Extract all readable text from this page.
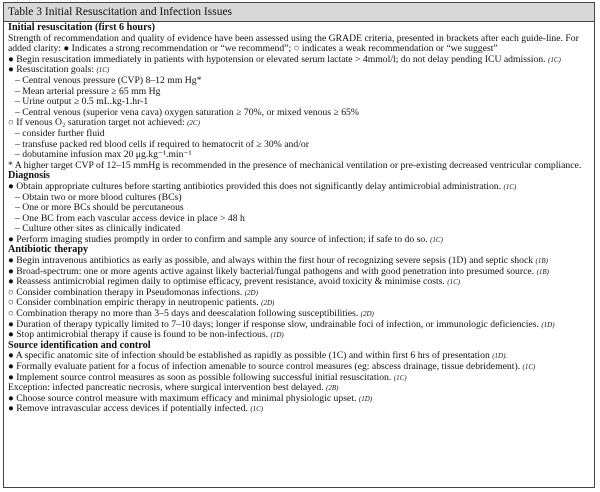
Table 3 Initial Resuscitation and Infection Issues
Initial resuscitation (first 6 hours)
Strength of recommendation and quality of evidence have been assessed using the GRADE criteria, presented in brackets after each guide-line. For added clarity: ● Indicates a strong recommendation or “we recommend”; ○ indicates a weak recommendation or “we suggest”
● Begin resuscitation immediately in patients with hypotension or elevated serum lactate > 4mmol/l; do not delay pending ICU admission. (1C)
● Resuscitation goals: (1C)
– Central venous pressure (CVP) 8–12 mm Hg*
– Mean arterial pressure ≥ 65 mm Hg
– Urine output ≥ 0.5 mL.kg-1.hr-1
– Central venous (superior vena cava) oxygen saturation ≥ 70%, or mixed venous ≥ 65%
○ If venous O₂ saturation target not achieved: (2C)
– consider further fluid
– transfuse packed red blood cells if required to hematocrit of ≥ 30% and/or
– dobutamine infusion max 20 μg.kg⁻¹.min⁻¹
* A higher target CVP of 12–15 mmHg is recommended in the presence of mechanical ventilation or pre-existing decreased ventricular compliance.
Diagnosis
● Obtain appropriate cultures before starting antibiotics provided this does not significantly delay antimicrobial administration. (1C)
– Obtain two or more blood cultures (BCs)
– One or more BCs should be percutaneous
– One BC from each vascular access device in place > 48 h
– Culture other sites as clinically indicated
● Perform imaging studies promptly in order to confirm and sample any source of infection; if safe to do so. (1C)
Antibiotic therapy
● Begin intravenous antibiotics as early as possible, and always within the first hour of recognizing severe sepsis (1D) and septic shock (1B)
● Broad-spectrum: one or more agents active against likely bacterial/fungal pathogens and with good penetration into presumed source. (1B)
● Reassess antimicrobial regimen daily to optimise efficacy, prevent resistance, avoid toxicity & minimise costs. (1C)
○ Consider combination therapy in Pseudomonas infections. (2D)
○ Consider combination empiric therapy in neutropenic patients. (2D)
○ Combination therapy no more than 3–5 days and deescalation following susceptibilities. (2D)
● Duration of therapy typically limited to 7–10 days; longer if response slow, undrainable foci of infection, or immunologic deficiencies. (1D)
● Stop antimicrobial therapy if cause is found to be non-infectious. (1D)
Source identification and control
● A specific anatomic site of infection should be established as rapidly as possible (1C) and within first 6 hrs of presentation (1D).
● Formally evaluate patient for a focus of infection amenable to source control measures (eg: abscess drainage, tissue debridement). (1C)
● Implement source control measures as soon as possible following successful initial resuscitation. (1C)
Exception: infected pancreatic necrosis, where surgical intervention best delayed. (2B)
● Choose source control measure with maximum efficacy and minimal physiologic upset. (1D)
● Remove intravascular access devices if potentially infected. (1C)
